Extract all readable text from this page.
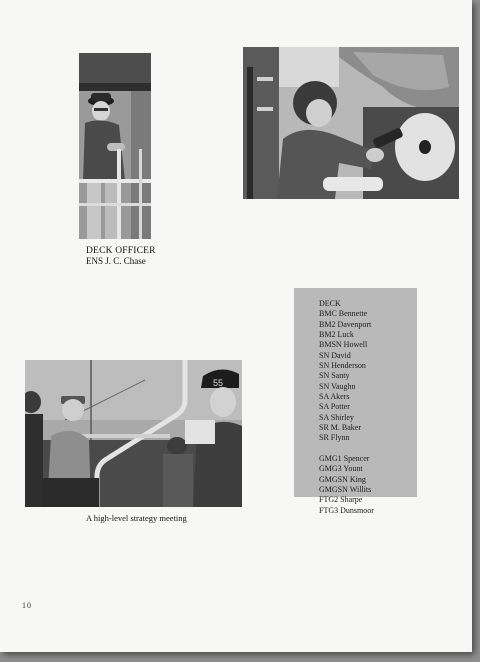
DECK OFFICER
ENS J. C. Chase
DECK
BMC Bennette
BM2 Davenport
BM2 Luck
BMSN Howell
SN David
SN Henderson
SN Santy
SN Vaughn
SA Akers
SA Potter
SA Shirley
SR M. Baker
SR Flynn
GMG1 Spencer
GMG3 Yount
GMGSN King
GMGSN Willits
FTG2 Sharpe
FTG3 Dunsmoor
55
A high-level strategy meeting
10
